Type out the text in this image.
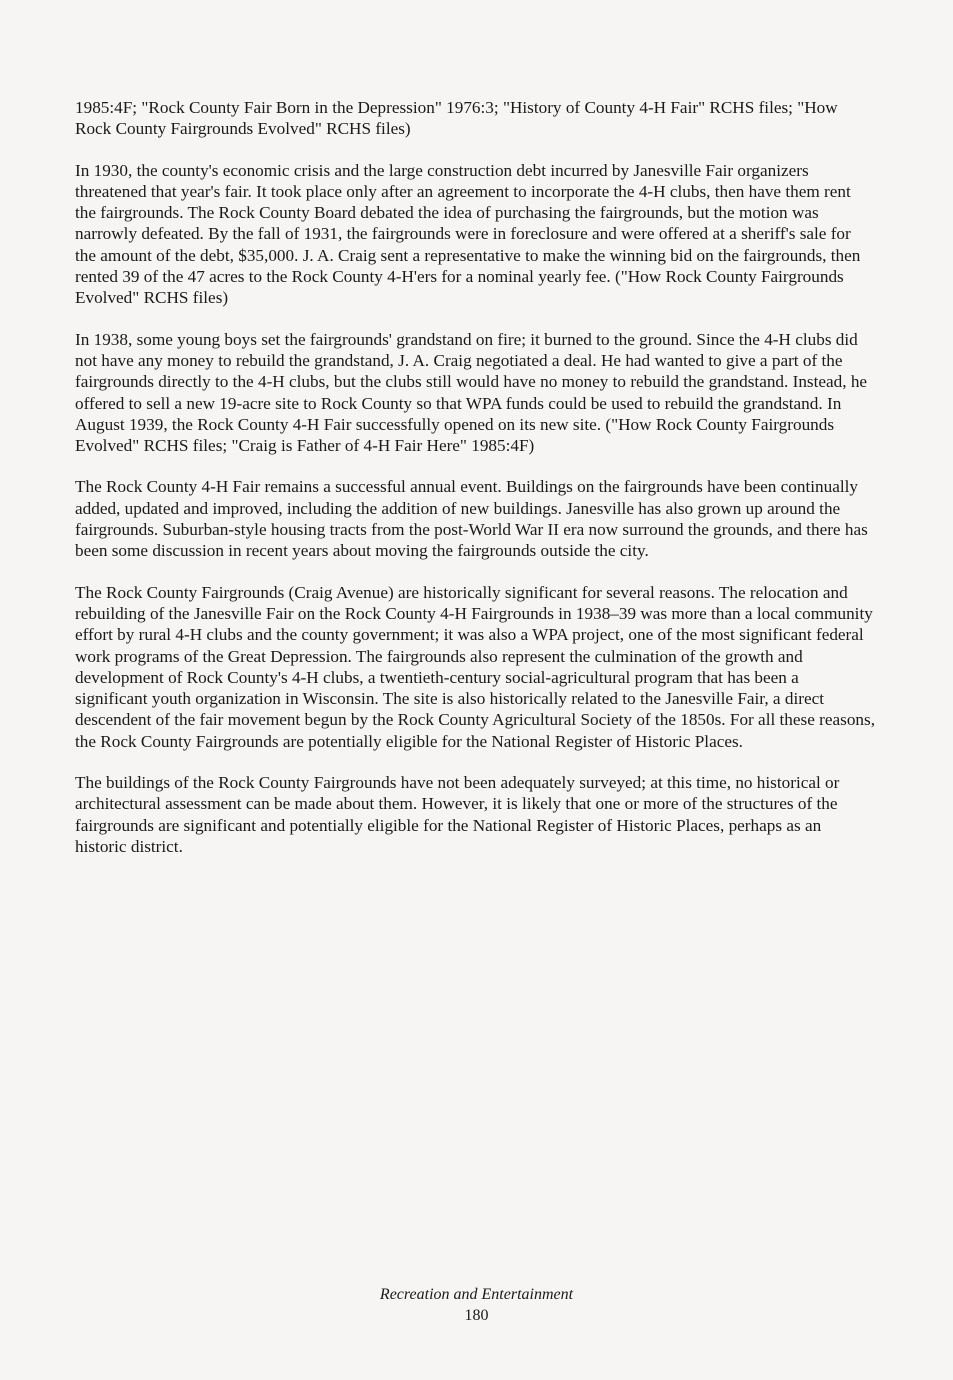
1985:4F; "Rock County Fair Born in the Depression" 1976:3; "History of County 4-H Fair" RCHS files; "How Rock County Fairgrounds Evolved" RCHS files)

In 1930, the county's economic crisis and the large construction debt incurred by Janesville Fair organizers threatened that year's fair. It took place only after an agreement to incorporate the 4-H clubs, then have them rent the fairgrounds. The Rock County Board debated the idea of purchasing the fairgrounds, but the motion was narrowly defeated. By the fall of 1931, the fairgrounds were in foreclosure and were offered at a sheriff's sale for the amount of the debt, $35,000. J. A. Craig sent a representative to make the winning bid on the fairgrounds, then rented 39 of the 47 acres to the Rock County 4-H'ers for a nominal yearly fee. ("How Rock County Fairgrounds Evolved" RCHS files)

In 1938, some young boys set the fairgrounds' grandstand on fire; it burned to the ground. Since the 4-H clubs did not have any money to rebuild the grandstand, J. A. Craig negotiated a deal. He had wanted to give a part of the fairgrounds directly to the 4-H clubs, but the clubs still would have no money to rebuild the grandstand. Instead, he offered to sell a new 19-acre site to Rock County so that WPA funds could be used to rebuild the grandstand. In August 1939, the Rock County 4-H Fair successfully opened on its new site. ("How Rock County Fairgrounds Evolved" RCHS files; "Craig is Father of 4-H Fair Here" 1985:4F)

The Rock County 4-H Fair remains a successful annual event. Buildings on the fairgrounds have been continually added, updated and improved, including the addition of new buildings. Janesville has also grown up around the fairgrounds. Suburban-style housing tracts from the post-World War II era now surround the grounds, and there has been some discussion in recent years about moving the fairgrounds outside the city.

The Rock County Fairgrounds (Craig Avenue) are historically significant for several reasons. The relocation and rebuilding of the Janesville Fair on the Rock County 4-H Fairgrounds in 1938–39 was more than a local community effort by rural 4-H clubs and the county government; it was also a WPA project, one of the most significant federal work programs of the Great Depression. The fairgrounds also represent the culmination of the growth and development of Rock County's 4-H clubs, a twentieth-century social-agricultural program that has been a significant youth organization in Wisconsin. The site is also historically related to the Janesville Fair, a direct descendent of the fair movement begun by the Rock County Agricultural Society of the 1850s. For all these reasons, the Rock County Fairgrounds are potentially eligible for the National Register of Historic Places.

The buildings of the Rock County Fairgrounds have not been adequately surveyed; at this time, no historical or architectural assessment can be made about them. However, it is likely that one or more of the structures of the fairgrounds are significant and potentially eligible for the National Register of Historic Places, perhaps as an historic district.

Recreation and Entertainment
180
